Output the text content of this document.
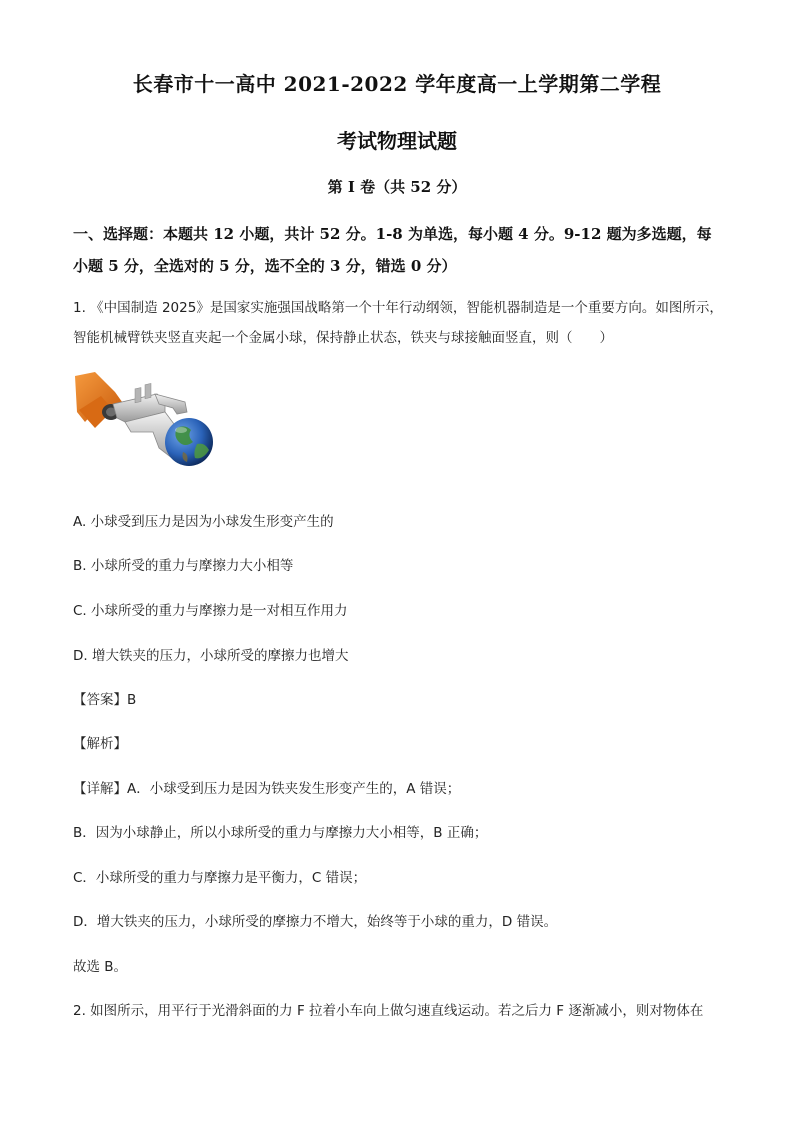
长春市十一高中 2021-2022 学年度高一上学期第二学程
考试物理试题
第 I 卷（共 52 分）
一、选择题：本题共 12 小题，共计 52 分。1-8 为单选，每小题 4 分。9-12 题为多选题，每小题 5 分，全选对的 5 分，选不全的 3 分，错选 0 分）
1. 《中国制造 2025》是国家实施强国战略第一个十年行动纲领，智能机器制造是一个重要方向。如图所示，智能机械臂铁夹竖直夹起一个金属小球，保持静止状态，铁夹与球接触面竖直，则（　　）
A. 小球受到压力是因为小球发生形变产生的
B. 小球所受的重力与摩擦力大小相等
C. 小球所受的重力与摩擦力是一对相互作用力
D. 增大铁夹的压力，小球所受的摩擦力也增大
【答案】B
【解析】
【详解】A．小球受到压力是因为铁夹发生形变产生的，A 错误；
B．因为小球静止，所以小球所受的重力与摩擦力大小相等，B 正确；
C．小球所受的重力与摩擦力是平衡力，C 错误；
D．增大铁夹的压力，小球所受的摩擦力不增大，始终等于小球的重力，D 错误。
故选 B。
2. 如图所示，用平行于光滑斜面的力 F 拉着小车向上做匀速直线运动。若之后力 F 逐渐减小，则对物体在
